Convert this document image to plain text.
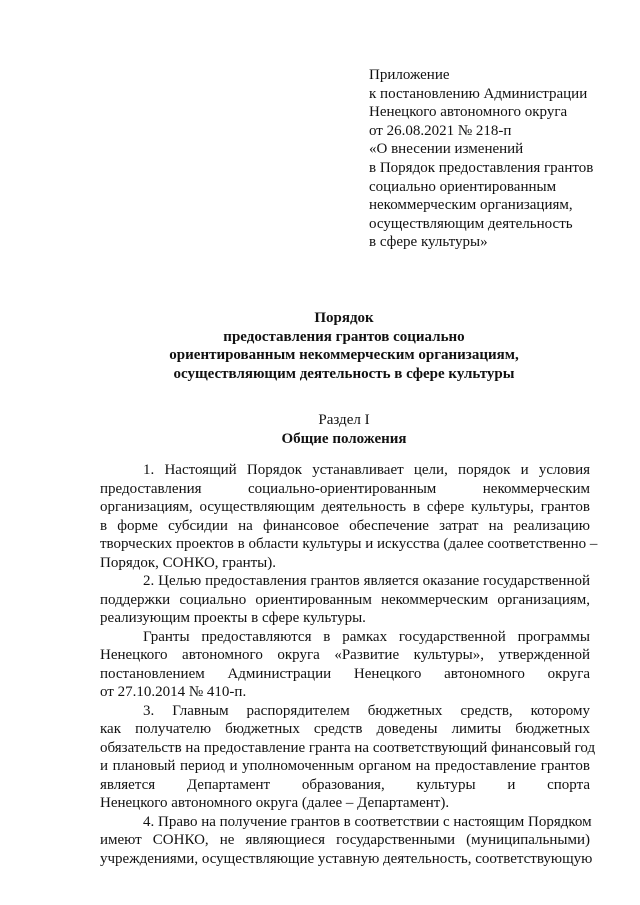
Приложение
к постановлению Администрации
Ненецкого автономного округа
от 26.08.2021 № 218-п
«О внесении изменений
в Порядок предоставления грантов
социально ориентированным
некоммерческим организациям,
осуществляющим деятельность
в сфере культуры»
Порядок
предоставления грантов социально
ориентированным некоммерческим организациям,
осуществляющим деятельность в сфере культуры
Раздел I
Общие положения
1. Настоящий Порядок устанавливает цели, порядок и условия
предоставления социально-ориентированным некоммерческим
организациям, осуществляющим деятельность в сфере культуры, грантов
в форме субсидии на финансовое обеспечение затрат на реализацию
творческих проектов в области культуры и искусства (далее соответственно –
Порядок, СОНКО, гранты).
2. Целью предоставления грантов является оказание государственной
поддержки социально ориентированным некоммерческим организациям,
реализующим проекты в сфере культуры.
Гранты предоставляются в рамках государственной программы
Ненецкого автономного округа «Развитие культуры», утвержденной
постановлением Администрации Ненецкого автономного округа
от 27.10.2014 № 410-п.
3. Главным распорядителем бюджетных средств, которому
как получателю бюджетных средств доведены лимиты бюджетных
обязательств на предоставление гранта на соответствующий финансовый год
и плановый период и уполномоченным органом на предоставление грантов
является Департамент образования, культуры и спорта
Ненецкого автономного округа (далее – Департамент).
4. Право на получение грантов в соответствии с настоящим Порядком
имеют СОНКО, не являющиеся государственными (муниципальными)
учреждениями, осуществляющие уставную деятельность, соответствующую
